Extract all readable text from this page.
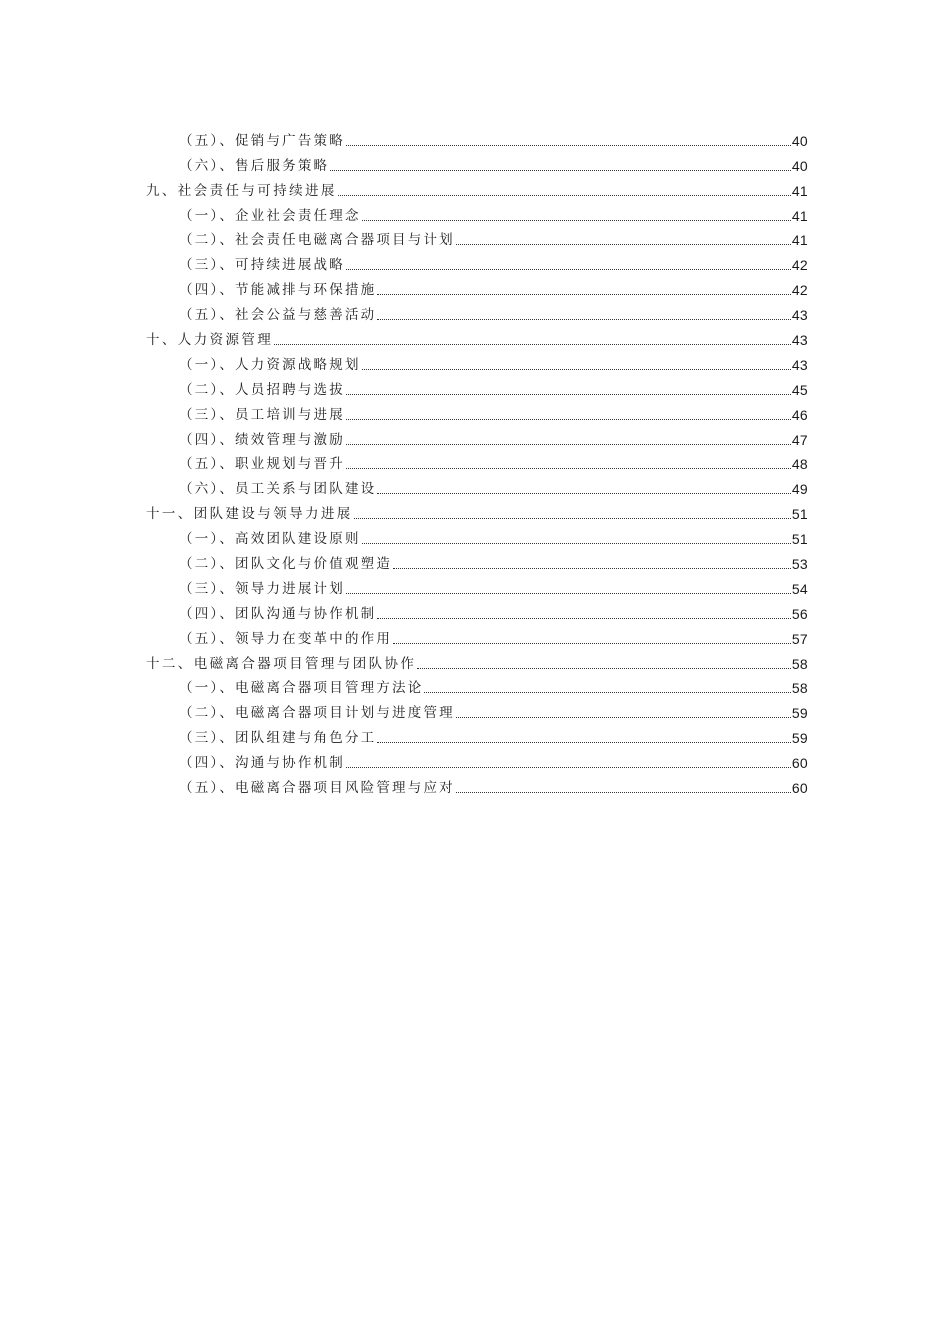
（五）、促销与广告策略	40
（六）、售后服务策略	40
九、社会责任与可持续进展	41
（一）、企业社会责任理念	41
（二）、社会责任电磁离合器项目与计划	41
（三）、可持续进展战略	42
（四）、节能减排与环保措施	42
（五）、社会公益与慈善活动	43
十、人力资源管理	43
（一）、人力资源战略规划	43
（二）、人员招聘与选拔	45
（三）、员工培训与进展	46
（四）、绩效管理与激励	47
（五）、职业规划与晋升	48
（六）、员工关系与团队建设	49
十一、团队建设与领导力进展	51
（一）、高效团队建设原则	51
（二）、团队文化与价值观塑造	53
（三）、领导力进展计划	54
（四）、团队沟通与协作机制	56
（五）、领导力在变革中的作用	57
十二、电磁离合器项目管理与团队协作	58
（一）、电磁离合器项目管理方法论	58
（二）、电磁离合器项目计划与进度管理	59
（三）、团队组建与角色分工	59
（四）、沟通与协作机制	60
（五）、电磁离合器项目风险管理与应对	60
